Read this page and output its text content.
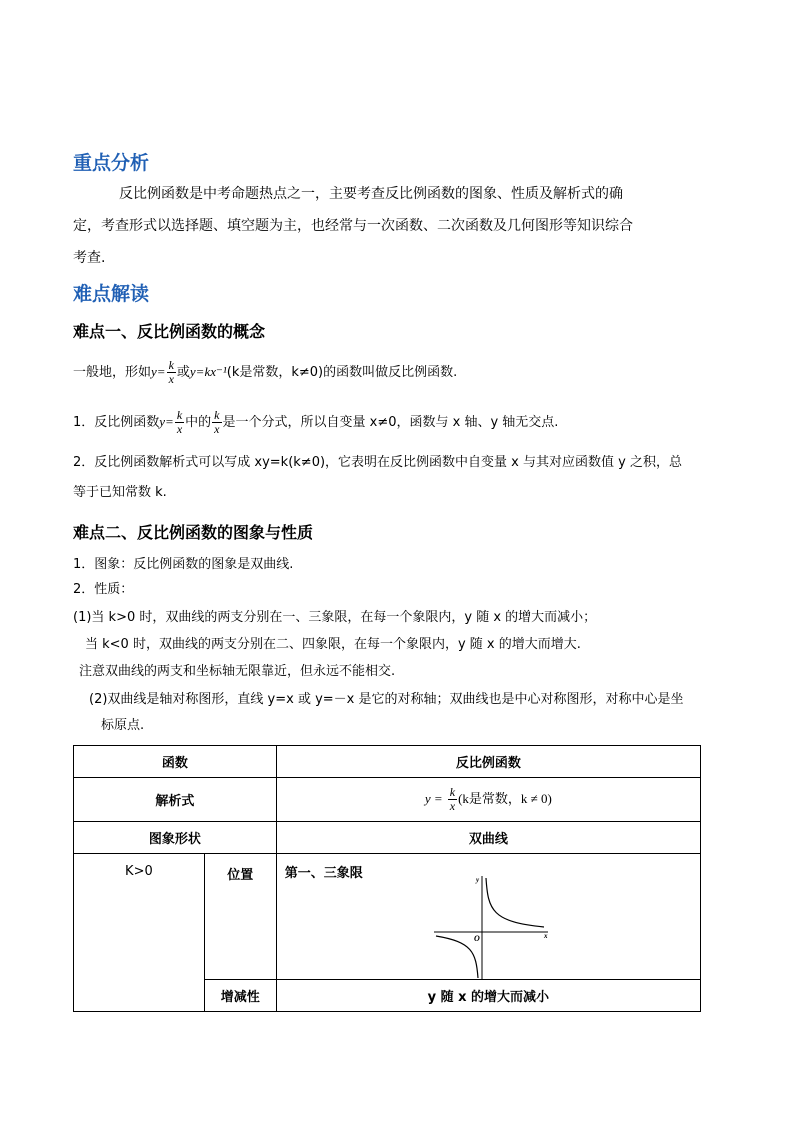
重点分析
反比例函数是中考命题热点之一，主要考查反比例函数的图象、性质及解析式的确
定，考查形式以选择题、填空题为主，也经常与一次函数、二次函数及几何图形等知识综合
考查.
难点解读
难点一、反比例函数的概念
一般地，形如$y= \frac{k}{x}$ 或y=kx⁻¹(k是常数，k≠0)的函数叫做反比例函数.
1．反比例函数$y= \frac{k}{x}$ 中的 $\frac{k}{x}$ 是一个分式，所以自变量 x≠0，函数与 x 轴、y 轴无交点.
2．反比例函数解析式可以写成 xy=k(k≠0)，它表明在反比例函数中自变量 x 与其对应函数值 y 之积，总
等于已知常数 k.
难点二、反比例函数的图象与性质
1．图象：反比例函数的图象是双曲线.
2．性质：
(1)当 k>0 时，双曲线的两支分别在一、三象限，在每一个象限内，y 随 x 的增大而减小；
当 k<0 时，双曲线的两支分别在二、四象限，在每一个象限内，y 随 x 的增大而增大.
注意双曲线的两支和坐标轴无限靠近，但永远不能相交.
(2)双曲线是轴对称图形，直线 y=x 或 y=－x 是它的对称轴；双曲线也是中心对称图形，对称中心是坐
标原点.
函数		反比例函数
解析式		$y = \frac{k}{x} (k$是常数，k ≠ 0)
图象形状		双曲线
K>0	位置	第一、三象限 y
x
O

	增减性	y 随 x 的增大而减小
